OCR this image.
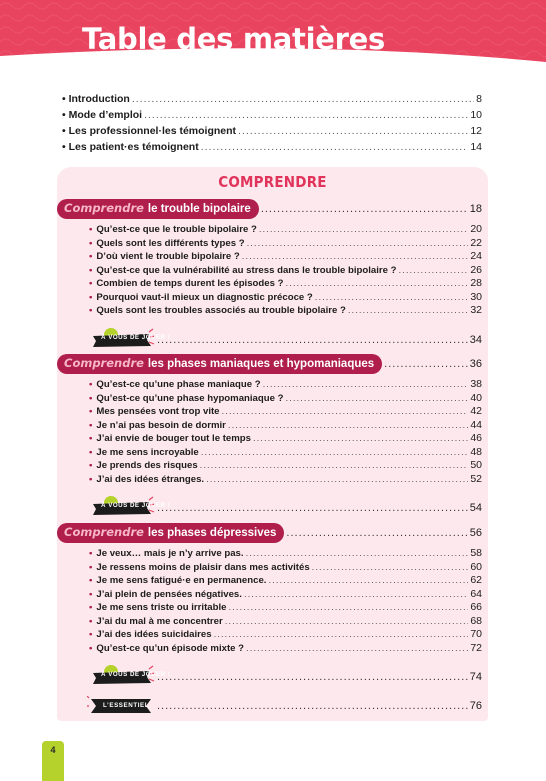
Table des matières
• Introduction .....	8
• Mode d’emploi .....	10
• Les professionnel·les témoignent .....	12
• Les patient·es témoignent .....	14
COMPRENDRE
Comprendre le trouble bipolaire .....	18
• Qu’est-ce que le trouble bipolaire ? .....	20
• Quels sont les différents types ? .....	22
• D’où vient le trouble bipolaire ? .....	24
• Qu’est-ce que la vulnérabilité au stress dans le trouble bipolaire ? .....	26
• Combien de temps durent les épisodes ? .....	28
• Pourquoi vaut-il mieux un diagnostic précoce ? .....	30
• Quels sont les troubles associés au trouble bipolaire ? .....	32
À VOUS DE JOUER ! .....	34
Comprendre les phases maniaques et hypomaniaques .....	36
• Qu’est-ce qu’une phase maniaque ? .....	38
• Qu’est-ce qu’une phase hypomaniaque ? .....	40
• Mes pensées vont trop vite .....	42
• Je n’ai pas besoin de dormir .....	44
• J’ai envie de bouger tout le temps .....	46
• Je me sens incroyable .....	48
• Je prends des risques .....	50
• J’ai des idées étranges. .....	52
À VOUS DE JOUER ! .....	54
Comprendre les phases dépressives .....	56
• Je veux… mais je n’y arrive pas. .....	58
• Je ressens moins de plaisir dans mes activités .....	60
• Je me sens fatigué·e en permanence. .....	62
• J’ai plein de pensées négatives. .....	64
• Je me sens triste ou irritable .....	66
• J’ai du mal à me concentrer .....	68
• J’ai des idées suicidaires .....	70
• Qu’est-ce qu’un épisode mixte ? .....	72
À VOUS DE JOUER ! .....	74
L’ESSENTIEL .....	76
4
